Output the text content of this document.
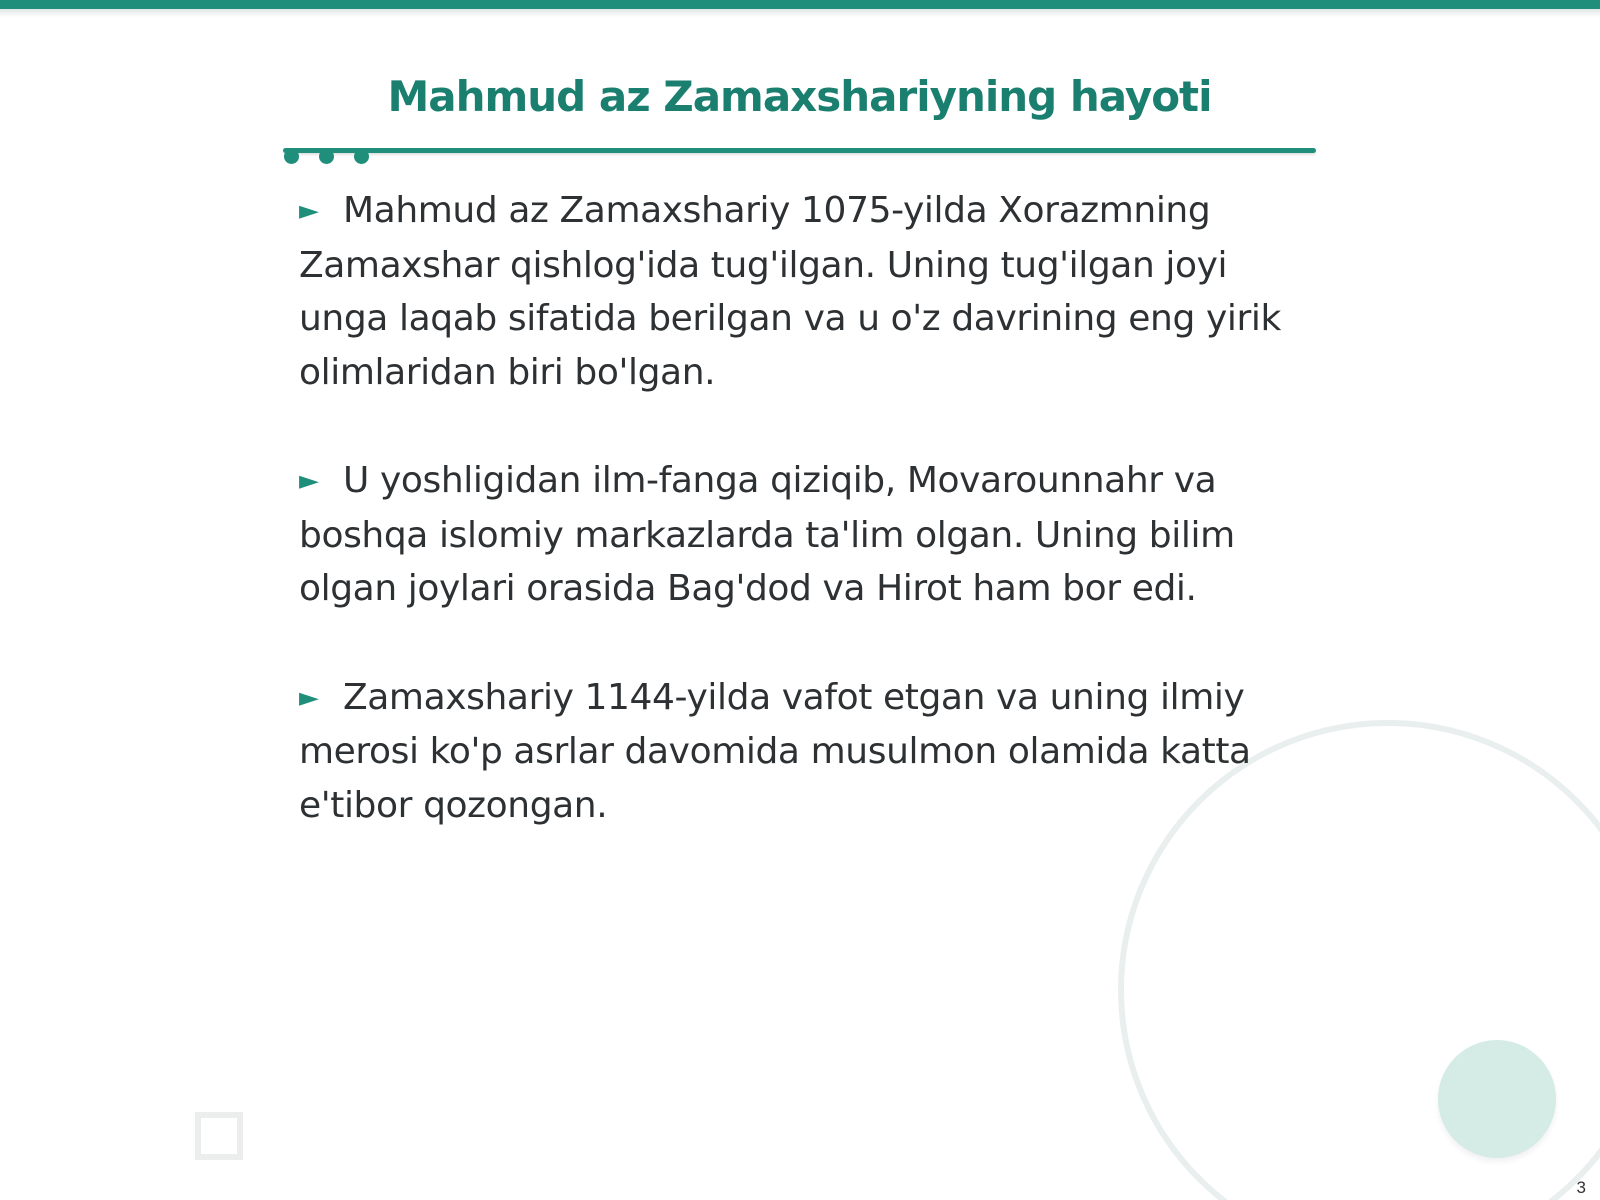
Mahmud az Zamaxshariyning hayoti
► Mahmud az Zamaxshariy 1075-yilda Xorazmning
Zamaxshar qishlog'ida tug'ilgan. Uning tug'ilgan joyi
unga laqab sifatida berilgan va u o'z davrining eng yirik
olimlaridan biri bo'lgan.
► U yoshligidan ilm-fanga qiziqib, Movarounnahr va
boshqa islomiy markazlarda ta'lim olgan. Uning bilim
olgan joylari orasida Bag'dod va Hirot ham bor edi.
► Zamaxshariy 1144-yilda vafot etgan va uning ilmiy
merosi ko'p asrlar davomida musulmon olamida katta
e'tibor qozongan.
3
